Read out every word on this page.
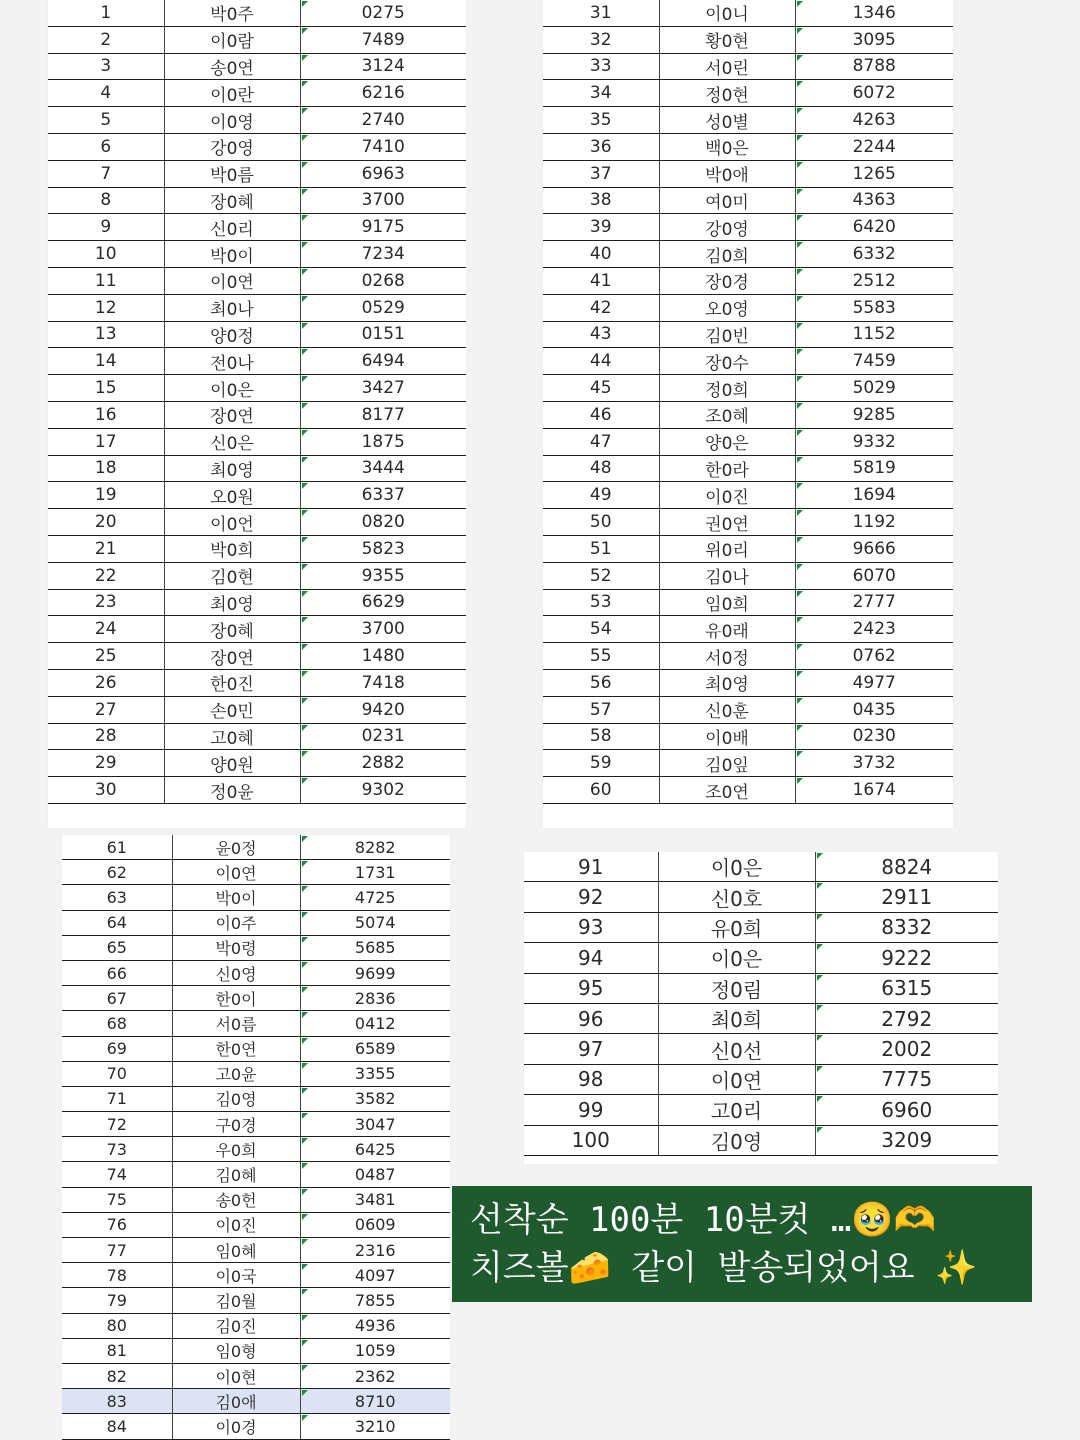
1	박0주	0275
2	이0람	7489
3	송0연	3124
4	이0란	6216
5	이0영	2740
6	강0영	7410
7	박0름	6963
8	장0혜	3700
9	신0리	9175
10	박0이	7234
11	이0연	0268
12	최0나	0529
13	양0정	0151
14	전0나	6494
15	이0은	3427
16	장0연	8177
17	신0은	1875
18	최0영	3444
19	오0원	6337
20	이0언	0820
21	박0희	5823
22	김0현	9355
23	최0영	6629
24	장0혜	3700
25	장0연	1480
26	한0진	7418
27	손0민	9420
28	고0혜	0231
29	양0원	2882
30	정0윤	9302
31	이0니	1346
32	황0현	3095
33	서0린	8788
34	정0현	6072
35	성0별	4263
36	백0은	2244
37	박0애	1265
38	여0미	4363
39	강0영	6420
40	김0희	6332
41	장0경	2512
42	오0영	5583
43	김0빈	1152
44	장0수	7459
45	정0희	5029
46	조0혜	9285
47	양0은	9332
48	한0라	5819
49	이0진	1694
50	권0연	1192
51	위0리	9666
52	김0나	6070
53	임0희	2777
54	유0래	2423
55	서0정	0762
56	최0영	4977
57	신0훈	0435
58	이0배	0230
59	김0잎	3732
60	조0연	1674
61	윤0정	8282
62	이0연	1731
63	박0이	4725
64	이0주	5074
65	박0령	5685
66	신0영	9699
67	한0이	2836
68	서0름	0412
69	한0연	6589
70	고0윤	3355
71	김0영	3582
72	구0경	3047
73	우0희	6425
74	김0혜	0487
75	송0헌	3481
76	이0진	0609
77	임0혜	2316
78	이0국	4097
79	김0월	7855
80	김0진	4936
81	임0형	1059
82	이0현	2362
83	김0애	8710
84	이0경	3210
91	이0은	8824
92	신0호	2911
93	유0희	8332
94	이0은	9222
95	정0림	6315
96	최0희	2792
97	신0선	2002
98	이0연	7775
99	고0리	6960
100	김0영	3209
선착순 100분 10분컷 …🥹🫶
치즈볼🧀 같이 발송되었어요 ✨
